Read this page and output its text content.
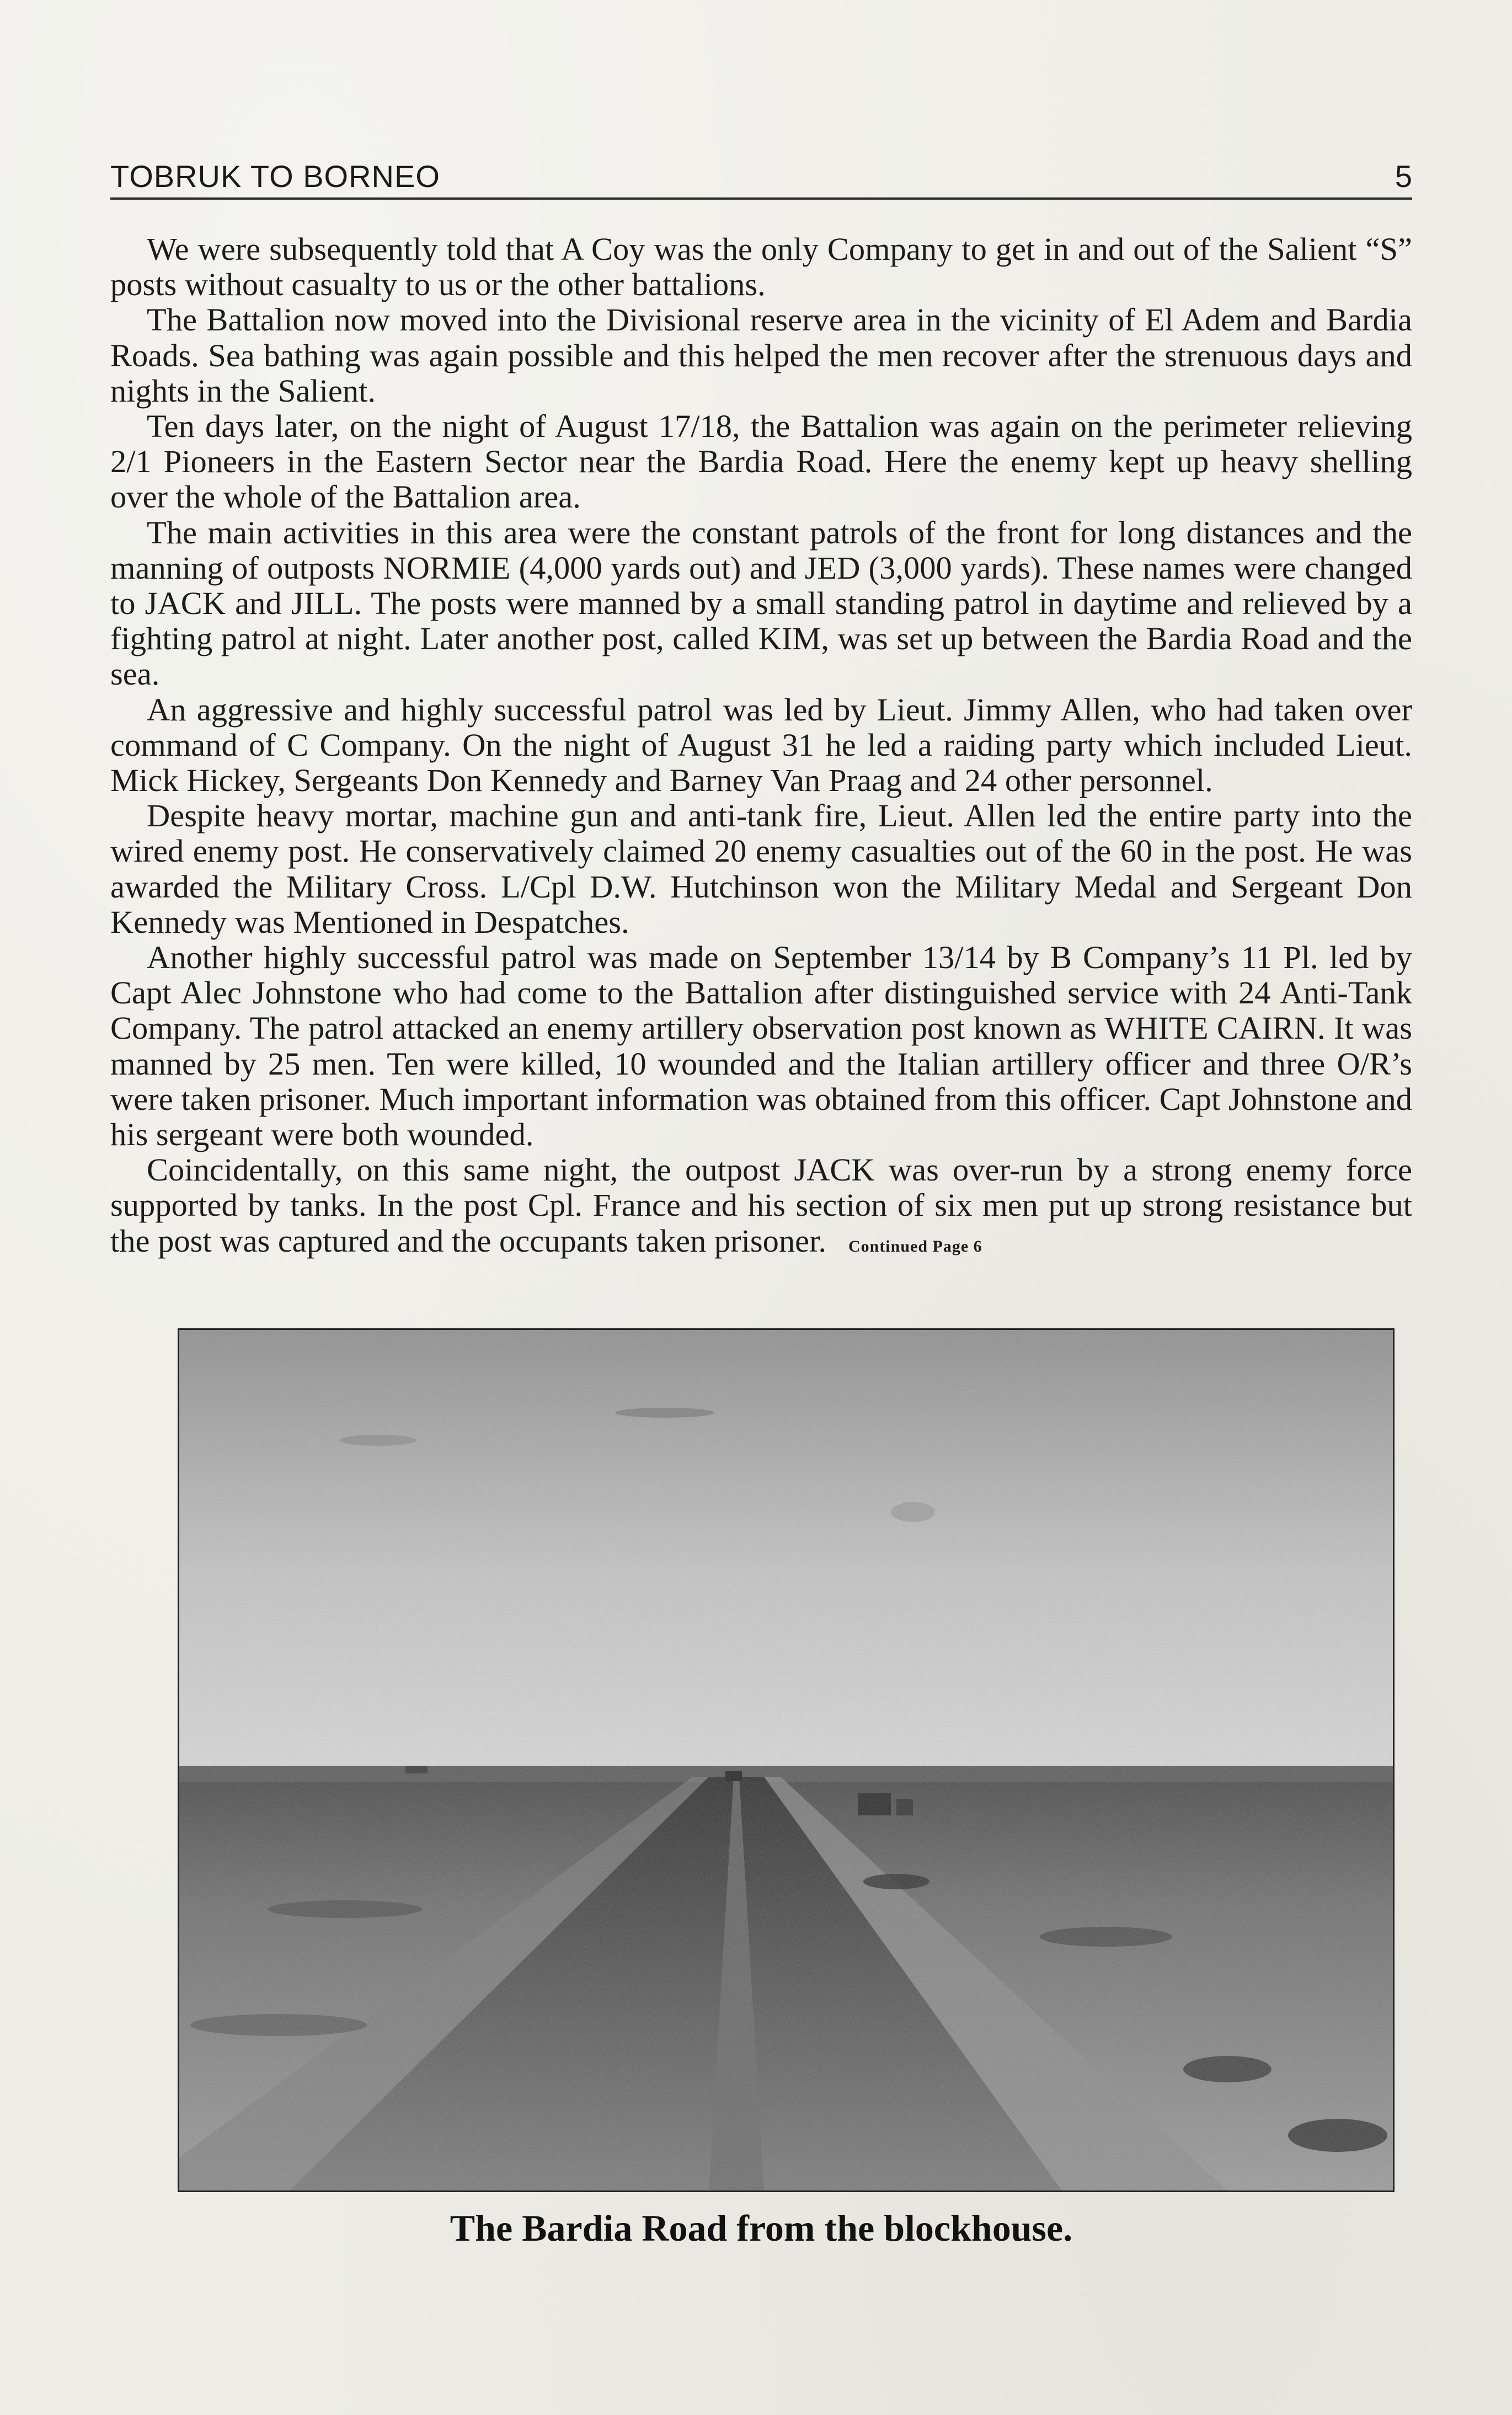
TOBRUK TO BORNEO	5

We were subsequently told that A Coy was the only Company to get in and out of the Salient “S” posts without casualty to us or the other battalions.

The Battalion now moved into the Divisional reserve area in the vicinity of El Adem and Bardia Roads. Sea bathing was again possible and this helped the men recover after the strenuous days and nights in the Salient.

Ten days later, on the night of August 17/18, the Battalion was again on the perimeter relieving 2/1 Pioneers in the Eastern Sector near the Bardia Road. Here the enemy kept up heavy shelling over the whole of the Battalion area.

The main activities in this area were the constant patrols of the front for long distances and the manning of outposts NORMIE (4,000 yards out) and JED (3,000 yards). These names were changed to JACK and JILL. The posts were manned by a small standing patrol in daytime and relieved by a fighting patrol at night. Later another post, called KIM, was set up between the Bardia Road and the sea.

An aggressive and highly successful patrol was led by Lieut. Jimmy Allen, who had taken over command of C Company. On the night of August 31 he led a raiding party which included Lieut. Mick Hickey, Sergeants Don Kennedy and Barney Van Praag and 24 other personnel.

Despite heavy mortar, machine gun and anti-tank fire, Lieut. Allen led the entire party into the wired enemy post. He conservatively claimed 20 enemy casualties out of the 60 in the post. He was awarded the Military Cross. L/Cpl D.W. Hutchinson won the Military Medal and Sergeant Don Kennedy was Mentioned in Despatches.

Another highly successful patrol was made on September 13/14 by B Company’s 11 Pl. led by Capt Alec Johnstone who had come to the Battalion after distinguished service with 24 Anti-Tank Company. The patrol attacked an enemy artillery observation post known as WHITE CAIRN. It was manned by 25 men. Ten were killed, 10 wounded and the Italian artillery officer and three O/R’s were taken prisoner. Much important information was obtained from this officer. Capt Johnstone and his sergeant were both wounded.

Coincidentally, on this same night, the outpost JACK was over-run by a strong enemy force supported by tanks. In the post Cpl. France and his section of six men put up strong resistance but the post was captured and the occupants taken prisoner. Continued Page 6

The Bardia Road from the blockhouse.
